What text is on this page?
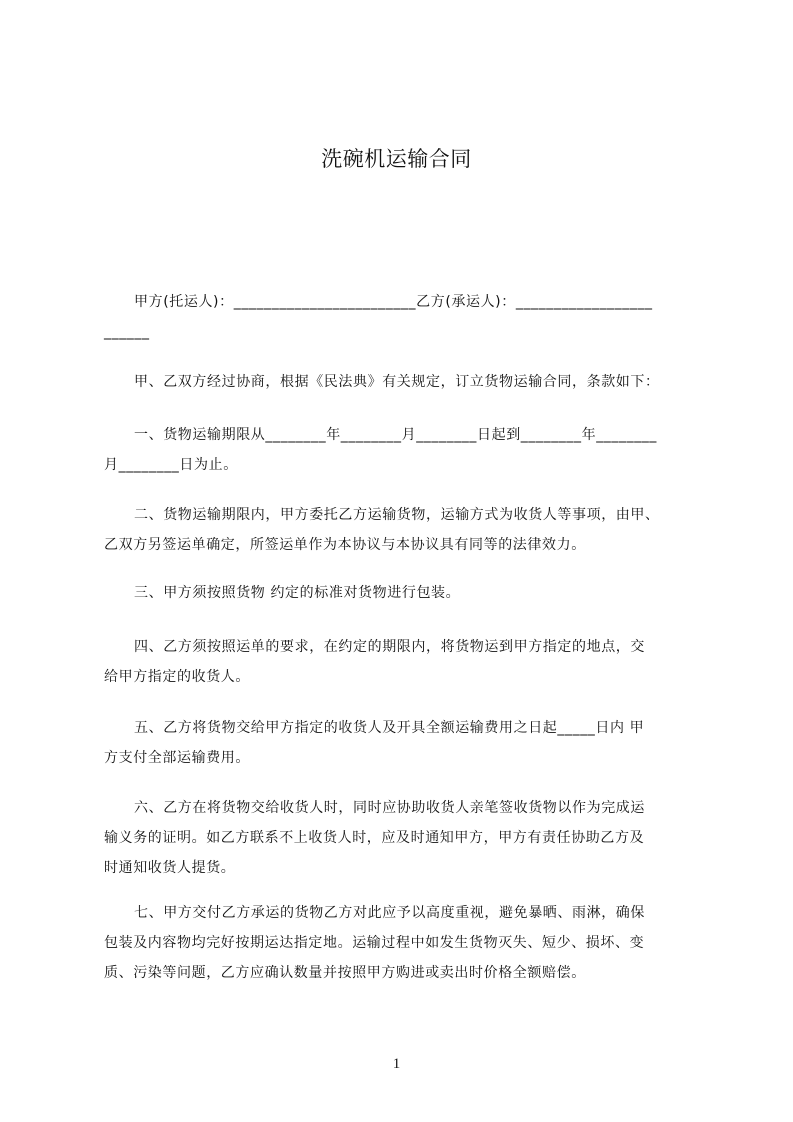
洗碗机运输合同

甲方(托运人)：________________________乙方(承运人)：__________________

______

甲、乙双方经过协商，根据《民法典》有关规定，订立货物运输合同，条款如下：

一、货物运输期限从________年________月________日起到________年________

月________日为止。

二、货物运输期限内，甲方委托乙方运输货物，运输方式为收货人等事项，由甲、

乙双方另签运单确定，所签运单作为本协议与本协议具有同等的法律效力。

三、甲方须按照货物 约定的标准对货物进行包装。

四、乙方须按照运单的要求，在约定的期限内，将货物运到甲方指定的地点，交

给甲方指定的收货人。

五、乙方将货物交给甲方指定的收货人及开具全额运输费用之日起_____日内 甲

方支付全部运输费用。

六、乙方在将货物交给收货人时，同时应协助收货人亲笔签收货物以作为完成运

输义务的证明。如乙方联系不上收货人时，应及时通知甲方，甲方有责任协助乙方及

时通知收货人提货。

七、甲方交付乙方承运的货物乙方对此应予以高度重视，避免暴晒、雨淋，确保

包装及内容物均完好按期运达指定地。运输过程中如发生货物灭失、短少、损坏、变

质、污染等问题，乙方应确认数量并按照甲方购进或卖出时价格全额赔偿。

1
